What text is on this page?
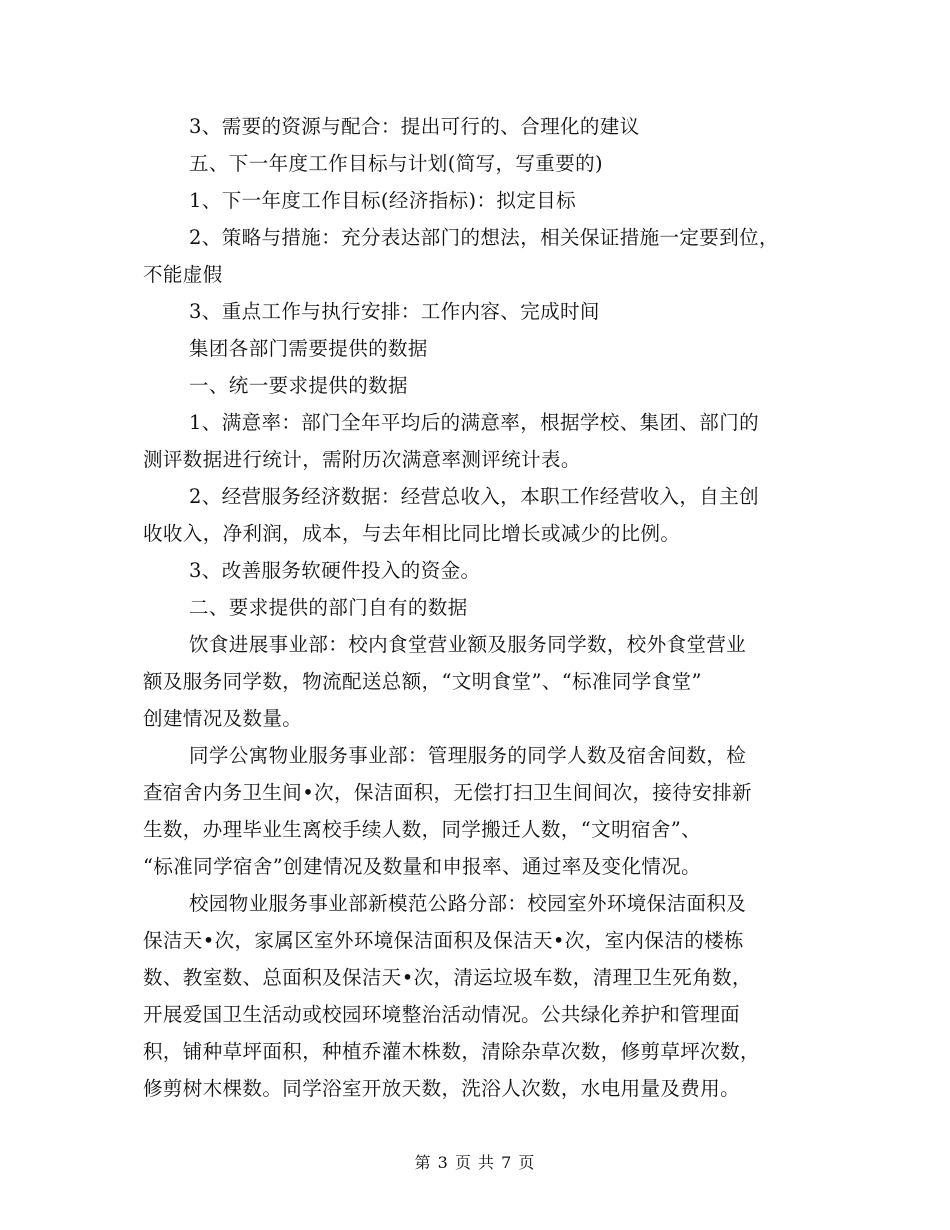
3、需要的资源与配合：提出可行的、合理化的建议

五、下一年度工作目标与计划(简写，写重要的)

1、下一年度工作目标(经济指标)：拟定目标

2、策略与措施：充分表达部门的想法，相关保证措施一定要到位，

不能虚假

3、重点工作与执行安排：工作内容、完成时间

集团各部门需要提供的数据

一、统一要求提供的数据

1、满意率：部门全年平均后的满意率，根据学校、集团、部门的

测评数据进行统计，需附历次满意率测评统计表。

2、经营服务经济数据：经营总收入，本职工作经营收入，自主创

收收入，净利润，成本，与去年相比同比增长或减少的比例。

3、改善服务软硬件投入的资金。

二、要求提供的部门自有的数据

饮食进展事业部：校内食堂营业额及服务同学数，校外食堂营业

额及服务同学数，物流配送总额，“文明食堂”、“标准同学食堂”

创建情况及数量。

同学公寓物业服务事业部：管理服务的同学人数及宿舍间数，检

查宿舍内务卫生间•次，保洁面积，无偿打扫卫生间间次，接待安排新

生数，办理毕业生离校手续人数，同学搬迁人数，“文明宿舍”、

“标准同学宿舍”创建情况及数量和申报率、通过率及变化情况。

校园物业服务事业部新模范公路分部：校园室外环境保洁面积及

保洁天•次，家属区室外环境保洁面积及保洁天•次，室内保洁的楼栋

数、教室数、总面积及保洁天•次，清运垃圾车数，清理卫生死角数，

开展爱国卫生活动或校园环境整治活动情况。公共绿化养护和管理面

积，铺种草坪面积，种植乔灌木株数，清除杂草次数，修剪草坪次数，

修剪树木棵数。同学浴室开放天数，洗浴人次数，水电用量及费用。

第 3 页 共 7 页
